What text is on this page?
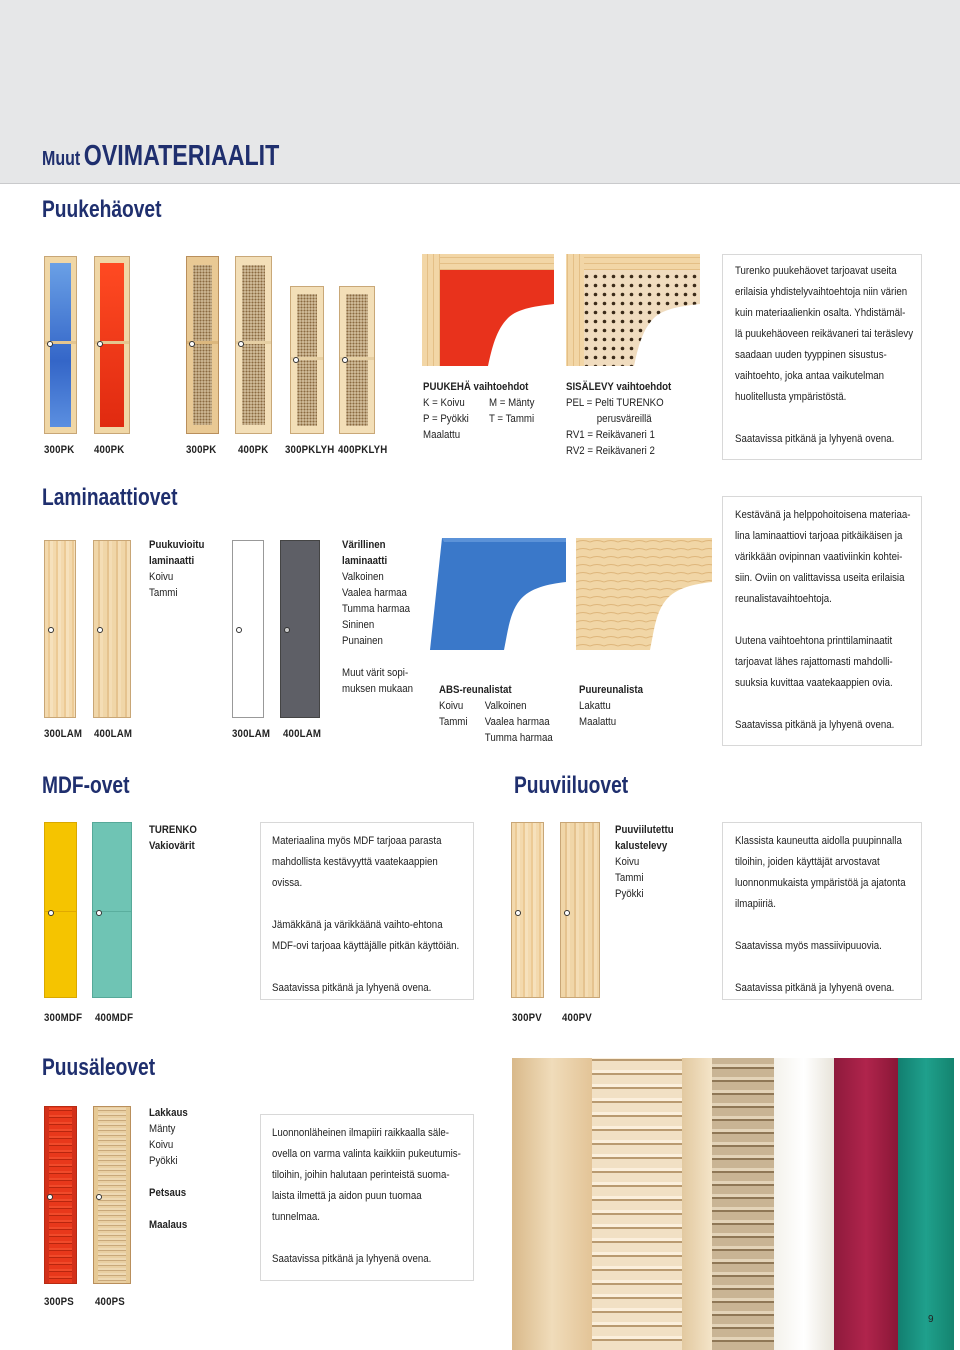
Muut OVIMATERIAALIT
Puukehäovet
300PK 400PK	300PK 400PK 300PKLYH 400PKLYH
PUUKEHÄ vaihtoehdot
K = Koivu
P = Pyökki
Maalattu
M = Mänty
T = Tammi
SISÄLEVY vaihtoehdot
PEL = Pelti TURENKO
perusväreillä
RV1 = Reikävaneri 1
RV2 = Reikävaneri 2
Turenko puukehäovet tarjoavat useita
erilaisia yhdistelyvaihtoehtoja niin värien
kuin materiaalienkin osalta. Yhdistämäl-
lä puukehäoveen reikävaneri tai teräslevy
saadaan uuden tyyppinen sisustus-
vaihtoehto, joka antaa vaikutelman
huolitellusta ympäristöstä.
Saatavissa pitkänä ja lyhyenä ovena.
Laminaattiovet
300LAM 400LAM	300LAM 400LAM
Puukuvioitu
laminaatti
Koivu
Tammi
Värillinen
laminaatti
Valkoinen
Vaalea harmaa
Tumma harmaa
Sininen
Punainen
Muut värit sopi-
muksen mukaan ABS-reunalistat
Koivu
Tammi
Valkoinen
Vaalea harmaa
Tumma harmaa
Puureunalista
Lakattu
Maalattu
Kestävänä ja helppohoitoisena materiaa-
lina laminaattiovi tarjoaa pitkäikäisen ja
värikkään ovipinnan vaativiinkin kohtei-
siin. Oviin on valittavissa useita erilaisia
reunalistavaihtoehtoja.
Uutena vaihtoehtona printtilaminaatit
tarjoavat lähes rajattomasti mahdolli-
suuksia kuvittaa vaatekaappien ovia.
Saatavissa pitkänä ja lyhyenä ovena.
MDF-ovet
300MDF 400MDF
TURENKO
Vakiovärit	Materiaalina myös MDF tarjoaa parasta
mahdollista kestävyyttä vaatekaappien
ovissa.
Jämäkkänä ja värikkäänä vaihto-ehtona
MDF-ovi tarjoaa käyttäjälle pitkän käyttöiän.
Saatavissa pitkänä ja lyhyenä ovena.
Puuviiluovet
300PV 400PV
Puuviilutettu
kalustelevy
Koivu
Tammi
Pyökki
Klassista kauneutta aidolla puupinnalla
tiloihin, joiden käyttäjät arvostavat
luonnonmukaista ympäristöä ja ajatonta
ilmapiiriä.
Saatavissa myös massiivipuuovia.
Saatavissa pitkänä ja lyhyenä ovena.
Puusäleovet
300PS 400PS
Lakkaus
Mänty
Koivu
Pyökki
Petsaus
Maalaus
Luonnonläheinen ilmapiiri raikkaalla säle-
ovella on varma valinta kaikkiin pukeutumis-
tiloihin, joihin halutaan perinteistä suoma-
laista ilmettä ja aidon puun tuomaa
tunnelmaa.
Saatavissa pitkänä ja lyhyenä ovena.
9
